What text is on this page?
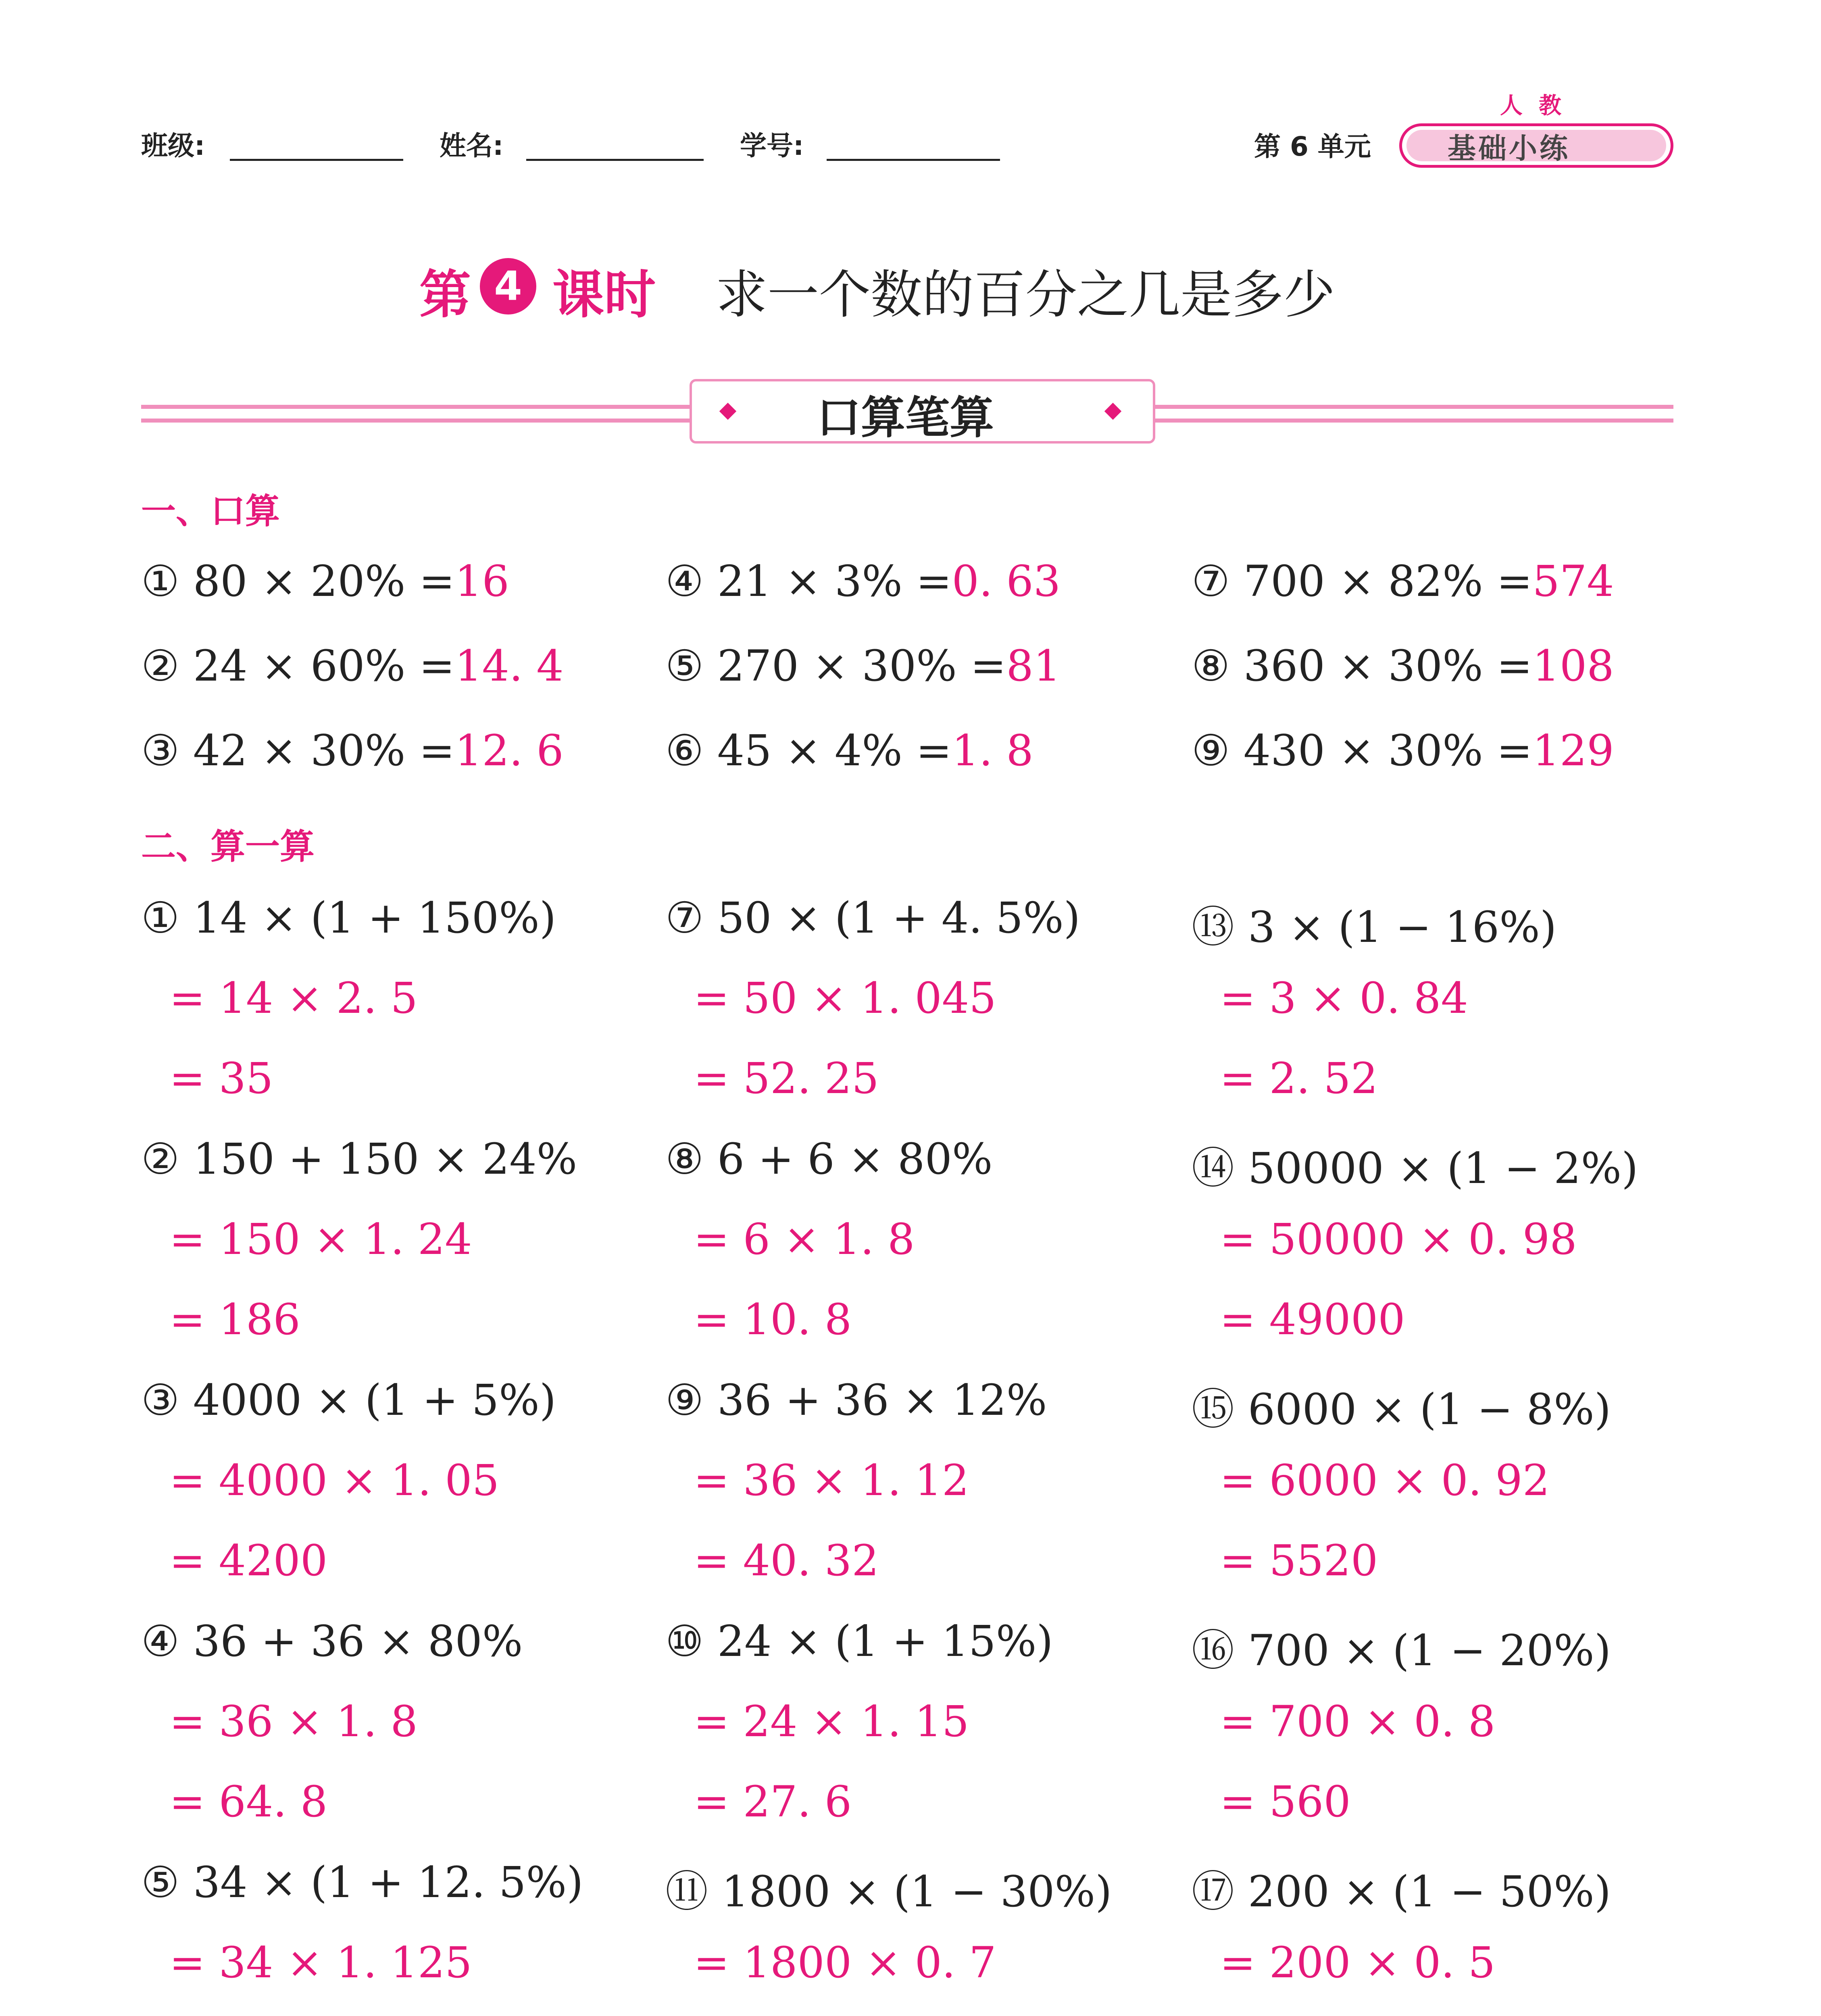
班级:	姓名:	学号:	第 6 单元
人教
基础小练
第 4 课时 求一个数的百分之几是多少
口算笔算
一、口算
① 80 × 20% =16
② 24 × 60% =14. 4
③ 42 × 30% =12. 6
④ 21 × 3% =0. 63
⑤ 270 × 30% =81
⑥ 45 × 4% =1. 8
⑦ 700 × 82% =574
⑧ 360 × 30% =108
⑨ 430 × 30% =129
二、算一算
① 14 × (1 + 150%)
= 14 × 2. 5
= 35
② 150 + 150 × 24%
= 150 × 1. 24
= 186
③ 4000 × (1 + 5%)
= 4000 × 1. 05
= 4200
④ 36 + 36 × 80%
= 36 × 1. 8
= 64. 8
⑤ 34 × (1 + 12. 5%)
= 34 × 1. 125
⑦ 50 × (1 + 4. 5%)
= 50 × 1. 045
= 52. 25
⑧ 6 + 6 × 80%
= 6 × 1. 8
= 10. 8
⑨ 36 + 36 × 12%
= 36 × 1. 12
= 40. 32
⑩ 24 × (1 + 15%)
= 24 × 1. 15
= 27. 6
⑪ 1800 × (1 − 30%)
= 1800 × 0. 7
⑬ 3 × (1 − 16%)
= 3 × 0. 84
= 2. 52
⑭ 50000 × (1 − 2%)
= 50000 × 0. 98
= 49000
⑮ 6000 × (1 − 8%)
= 6000 × 0. 92
= 5520
⑯ 700 × (1 − 20%)
= 700 × 0. 8
= 560
⑰ 200 × (1 − 50%)
= 200 × 0. 5
